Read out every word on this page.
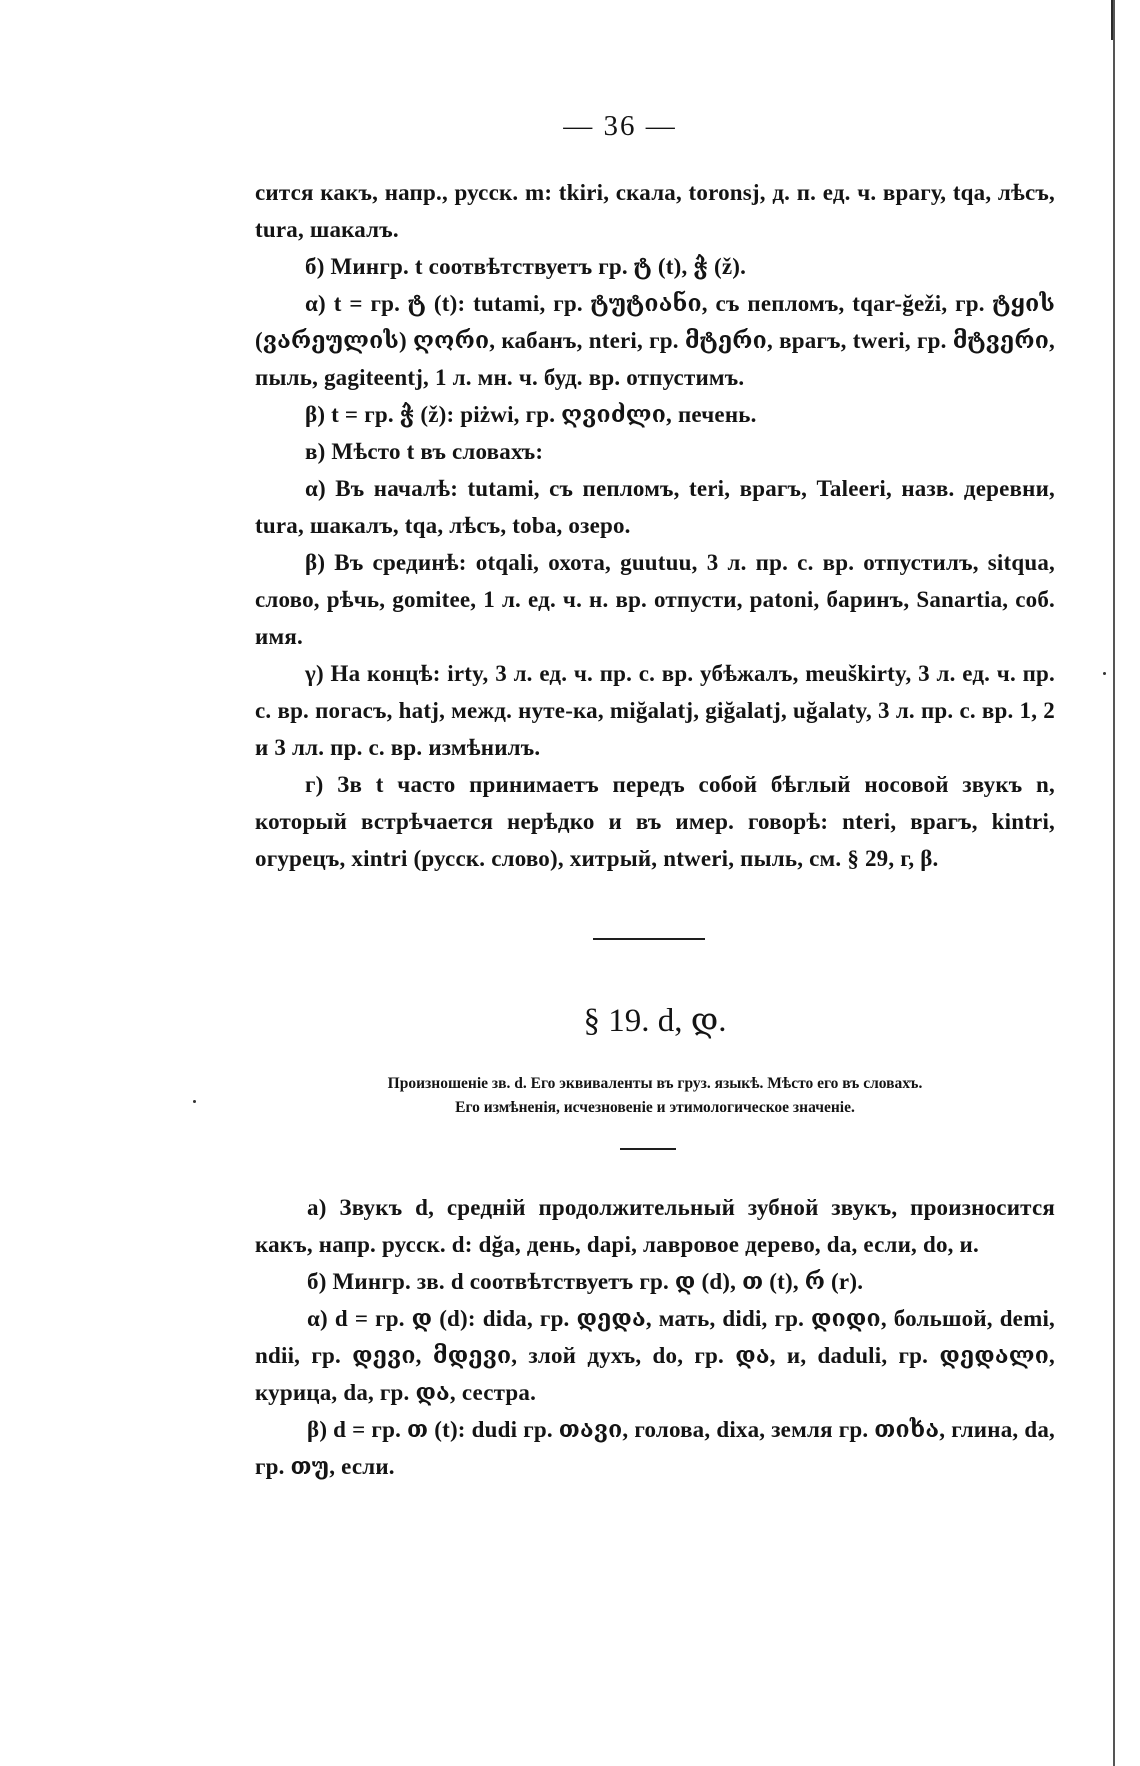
— 36 —

сится какъ, напр., русск. m: tkiri, скала, toronsj, д. п. ед. ч. врагу, tqa, лѣсъ, tura, шакалъ.

б) Мингр. t соотвѣтствуетъ гр. ტ (t), ჭ (ž).

α) t = гр. ტ (t): tutami, гр. ტუტიანი, съ пепломъ, tqar-ğeži, гр. ტყის (ვარეულის) ღორი, кабанъ, nteri, гр. მტერი, врагъ, tweri, гр. მტვერი, пыль, gagiteentj, 1 л. мн. ч. буд. вр. отпустимъ.

β) t = гр. ჭ (ž): piżwi, гр. ღვიძლი, печень.

в) Мѣсто t въ словахъ:

α) Въ началѣ: tutami, съ пепломъ, teri, врагъ, Taleeri, назв. деревни, tura, шакалъ, tqa, лѣсъ, toba, озеро.

β) Въ срединѣ: otqali, охота, guutuu, 3 л. пр. с. вр. отпустилъ, sitqua, слово, рѣчь, gomitee, 1 л. ед. ч. н. вр. отпусти, patoni, баринъ, Sanartia, соб. имя.

γ) На концѣ: irty, 3 л. ед. ч. пр. с. вр. убѣжалъ, meuškirty, 3 л. ед. ч. пр. с. вр. погасъ, hatj, межд. нуте-ка, miğalatj, giğalatj, uğalaty, 3 л. пр. с. вр. 1, 2 и 3 лл. пр. с. вр. измѣнилъ.

г) Зв t часто принимаетъ передъ собой бѣглый носовой звукъ n, который встрѣчается нерѣдко и въ имер. говорѣ: nteri, врагъ, kintri, огурецъ, xintri (русск. слово), хитрый, ntweri, пыль, см. § 29, г, β.

§ 19. d, დ.

Произношеніе зв. d. Его эквиваленты въ груз. языкѣ. Мѣсто его въ словахъ.

Его измѣненія, исчезновеніе и этимологическое значеніе.

а) Звукъ d, средній продолжительный зубной звукъ, произносится какъ, напр. русск. d: dğa, день, dapi, лавровое дерево, da, если, do, и.

б) Мингр. зв. d соотвѣтствуетъ гр. დ (d), თ (t), რ (r).

α) d = гр. დ (d): dida, гр. დედა, мать, didi, гр. დიდი, большой, demi, ndii, гр. დევი, მდევი, злой духъ, do, гр. და, и, daduli, гр. დედალი, курица, da, гр. და, сестра.

β) d = гр. თ (t): dudi гр. თავი, голова, dixa, земля гр. თიხა, глина, da, гр. თუ, если.
